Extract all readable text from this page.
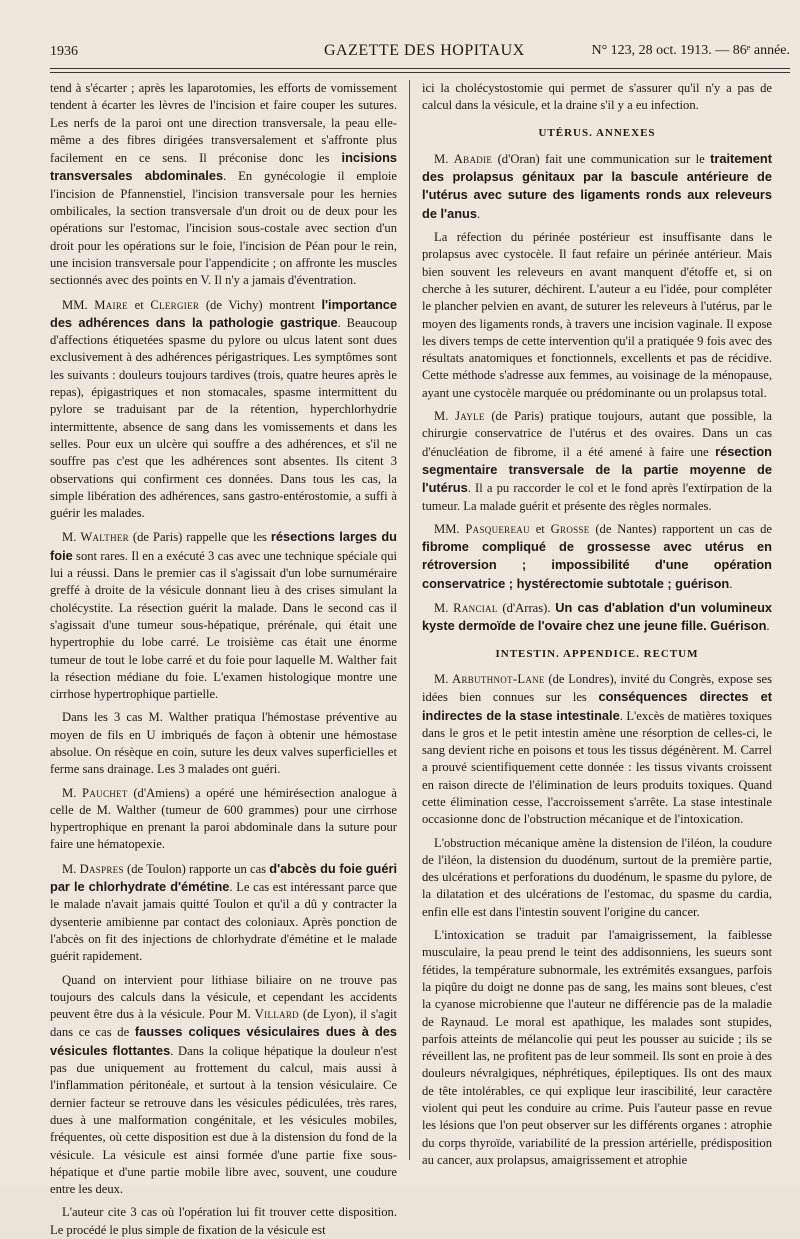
1936	GAZETTE DES HOPITAUX	N° 123, 28 oct. 1913. — 86ᵉ année.

tend à s'écarter ; après les laparotomies, les efforts de vomissement tendent à écarter les lèvres de l'incision et faire couper les sutures. Les nerfs de la paroi ont une direction transversale, la peau elle-même a des fibres dirigées transversalement et s'affronte plus facilement en ce sens. Il préconise donc les incisions transversales abdominales. En gynécologie il emploie l'incision de Pfannenstiel, l'incision transversale pour les hernies ombilicales, la section transversale d'un droit ou de deux pour les opérations sur l'estomac, l'incision sous-costale avec section d'un droit pour les opérations sur le foie, l'incision de Péan pour le rein, une incision transversale pour l'appendicite ; on affronte les muscles sectionnés avec des points en V. Il n'y a jamais d'éventration.

MM. Maire et Clergier (de Vichy) montrent l'importance des adhérences dans la pathologie gastrique. Beaucoup d'affections étiquetées spasme du pylore ou ulcus latent sont dues exclusivement à des adhérences périgastriques. Les symptômes sont les suivants : douleurs toujours tardives (trois, quatre heures après le repas), épigastriques et non stomacales, spasme intermittent du pylore se traduisant par de la rétention, hyperchlorhydrie intermittente, absence de sang dans les vomissements et dans les selles. Pour eux un ulcère qui souffre a des adhérences, et s'il ne souffre pas c'est que les adhérences sont absentes. Ils citent 3 observations qui confirment ces données. Dans tous les cas, la simple libération des adhérences, sans gastro-entérostomie, a suffi à guérir les malades.

M. Walther (de Paris) rappelle que les résections larges du foie sont rares. Il en a exécuté 3 cas avec une technique spéciale qui lui a réussi. Dans le premier cas il s'agissait d'un lobe surnuméraire greffé à droite de la vésicule donnant lieu à des crises simulant la cholécystite. La résection guérit la malade. Dans le second cas il s'agissait d'une tumeur sous-hépatique, prérénale, qui était une hypertrophie du lobe carré. Le troisième cas était une énorme tumeur de tout le lobe carré et du foie pour laquelle M. Walther fait la résection médiane du foie. L'examen histologique montre une cirrhose hypertrophique partielle.

Dans les 3 cas M. Walther pratiqua l'hémostase préventive au moyen de fils en U imbriqués de façon à obtenir une hémostase absolue. On résèque en coin, suture les deux valves superficielles et ferme sans drainage. Les 3 malades ont guéri.

M. Pauchet (d'Amiens) a opéré une hémirésection analogue à celle de M. Walther (tumeur de 600 grammes) pour une cirrhose hypertrophique en prenant la paroi abdominale dans la suture pour faire une hématopexie.

M. Daspres (de Toulon) rapporte un cas d'abcès du foie guéri par le chlorhydrate d'émétine. Le cas est intéressant parce que le malade n'avait jamais quitté Toulon et qu'il a dû y contracter la dysenterie amibienne par contact des coloniaux. Après ponction de l'abcès on fit des injections de chlorhydrate d'émétine et le malade guérit rapidement.

Quand on intervient pour lithiase biliaire on ne trouve pas toujours des calculs dans la vésicule, et cependant les accidents peuvent être dus à la vésicule. Pour M. Villard (de Lyon), il s'agit dans ce cas de fausses coliques vésiculaires dues à des vésicules flottantes. Dans la colique hépatique la douleur n'est pas due uniquement au frottement du calcul, mais aussi à l'inflammation péritonéale, et surtout à la tension vésiculaire. Ce dernier facteur se retrouve dans les vésicules pédiculées, très rares, dues à une malformation congénitale, et les vésicules mobiles, fréquentes, où cette disposition est due à la distension du fond de la vésicule. La vésicule est ainsi formée d'une partie fixe sous-hépatique et d'une partie mobile libre avec, souvent, une coudure entre les deux.

L'auteur cite 3 cas où l'opération lui fit trouver cette disposition. Le procédé le plus simple de fixation de la vésicule est

ici la cholécystostomie qui permet de s'assurer qu'il n'y a pas de calcul dans la vésicule, et la draine s'il y a eu infection.

UTÉRUS. ANNEXES

M. Abadie (d'Oran) fait une communication sur le traitement des prolapsus génitaux par la bascule antérieure de l'utérus avec suture des ligaments ronds aux releveurs de l'anus.

La réfection du périnée postérieur est insuffisante dans le prolapsus avec cystocèle. Il faut refaire un périnée antérieur. Mais bien souvent les releveurs en avant manquent d'étoffe et, si on cherche à les suturer, déchirent. L'auteur a eu l'idée, pour compléter le plancher pelvien en avant, de suturer les releveurs à l'utérus, par le moyen des ligaments ronds, à travers une incision vaginale. Il expose les divers temps de cette intervention qu'il a pratiquée 9 fois avec des résultats anatomiques et fonctionnels, excellents et pas de récidive. Cette méthode s'adresse aux femmes, au voisinage de la ménopause, ayant une cystocèle marquée ou prédominante ou un prolapsus total.

M. Jayle (de Paris) pratique toujours, autant que possible, la chirurgie conservatrice de l'utérus et des ovaires. Dans un cas d'énucléation de fibrome, il a été amené à faire une résection segmentaire transversale de la partie moyenne de l'utérus. Il a pu raccorder le col et le fond après l'extirpation de la tumeur. La malade guérit et présente des règles normales.

MM. Pasquereau et Grosse (de Nantes) rapportent un cas de fibrome compliqué de grossesse avec utérus en rétroversion ; impossibilité d'une opération conservatrice ; hystérectomie subtotale ; guérison.

M. Rancial (d'Arras). Un cas d'ablation d'un volumineux kyste dermoïde de l'ovaire chez une jeune fille. Guérison.

INTESTIN. APPENDICE. RECTUM

M. Arbuthnot-Lane (de Londres), invité du Congrès, expose ses idées bien connues sur les conséquences directes et indirectes de la stase intestinale. L'excès de matières toxiques dans le gros et le petit intestin amène une résorption de celles-ci, le sang devient riche en poisons et tous les tissus dégénèrent. M. Carrel a prouvé scientifiquement cette donnée : les tissus vivants croissent en raison directe de l'élimination de leurs produits toxiques. Quand cette élimination cesse, l'accroissement s'arrête. La stase intestinale occasionne donc de l'obstruction mécanique et de l'intoxication.

L'obstruction mécanique amène la distension de l'iléon, la coudure de l'iléon, la distension du duodénum, surtout de la première partie, des ulcérations et perforations du duodénum, le spasme du pylore, de la dilatation et des ulcérations de l'estomac, du spasme du cardia, enfin elle est dans l'intestin souvent l'origine du cancer.

L'intoxication se traduit par l'amaigrissement, la faiblesse musculaire, la peau prend le teint des addisonniens, les sueurs sont fétides, la température subnormale, les extrémités exsangues, parfois la piqûre du doigt ne donne pas de sang, les mains sont bleues, c'est la cyanose microbienne que l'auteur ne différencie pas de la maladie de Raynaud. Le moral est apathique, les malades sont stupides, parfois atteints de mélancolie qui peut les pousser au suicide ; ils se réveillent las, ne profitent pas de leur sommeil. Ils sont en proie à des douleurs névralgiques, néphrétiques, épileptiques. Ils ont des maux de tête intolérables, ce qui explique leur irascibilité, leur caractère violent qui peut les conduire au crime. Puis l'auteur passe en revue les lésions que l'on peut observer sur les différents organes : atrophie du corps thyroïde, variabilité de la pression artérielle, prédisposition au cancer, aux prolapsus, amaigrissement et atrophie
